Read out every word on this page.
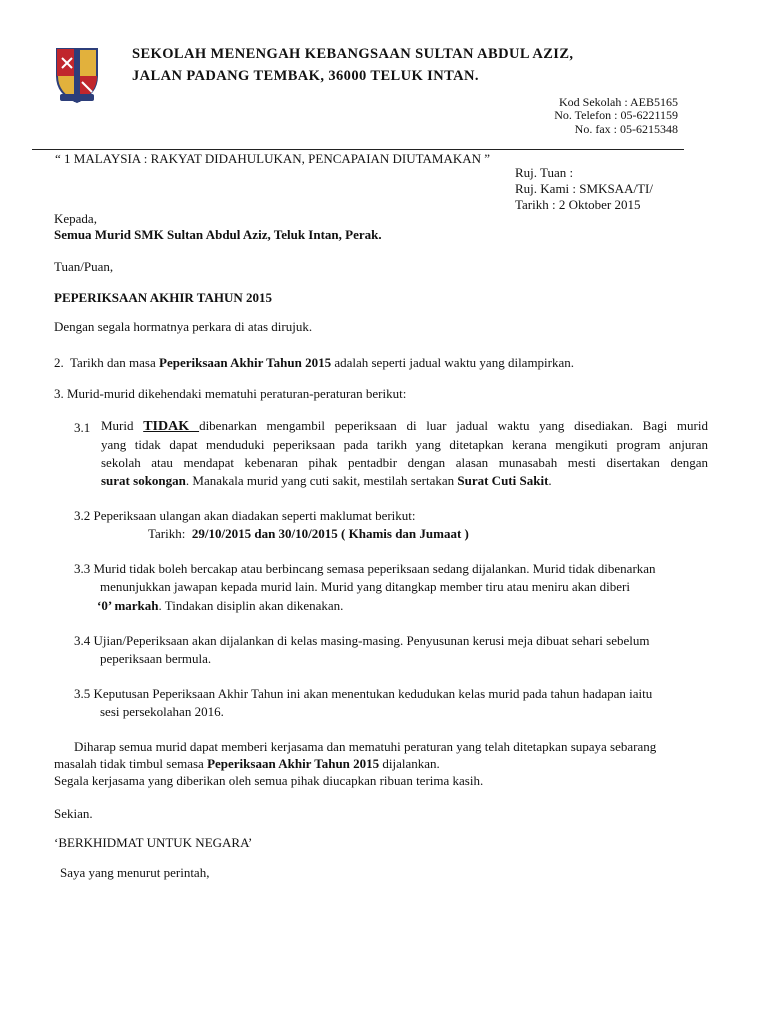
SEKOLAH MENENGAH KEBANGSAAN SULTAN ABDUL AZIZ,
JALAN PADANG TEMBAK, 36000 TELUK INTAN.
Kod Sekolah : AEB5165
No. Telefon : 05-6221159
No. fax : 05-6215348
“ 1 MALAYSIA : RAKYAT DIDAHULUKAN, PENCAPAIAN DIUTAMAKAN ”
Ruj. Tuan :
Ruj. Kami : SMKSAA/TI/
Tarikh : 2 Oktober 2015
Kepada,
Semua Murid SMK Sultan Abdul Aziz, Teluk Intan, Perak.
Tuan/Puan,
PEPERIKSAAN AKHIR TAHUN 2015
Dengan segala hormatnya perkara di atas dirujuk.
2. Tarikh dan masa Peperiksaan Akhir Tahun 2015 adalah seperti jadual waktu yang dilampirkan.
3. Murid-murid dikehendaki mematuhi peraturan-peraturan berikut:
3.1 Murid TIDAK dibenarkan mengambil peperiksaan di luar jadual waktu yang disediakan. Bagi murid
yang tidak dapat menduduki peperiksaan pada tarikh yang ditetapkan kerana mengikuti program anjuran
sekolah atau mendapat kebenaran pihak pentadbir dengan alasan munasabah mesti disertakan dengan
surat sokongan. Manakala murid yang cuti sakit, mestilah sertakan Surat Cuti Sakit.
3.2 Peperiksaan ulangan akan diadakan seperti maklumat berikut:
Tarikh: 29/10/2015 dan 30/10/2015 ( Khamis dan Jumaat )
3.3 Murid tidak boleh bercakap atau berbincang semasa peperiksaan sedang dijalankan. Murid tidak dibenarkan
menunjukkan jawapan kepada murid lain. Murid yang ditangkap member tiru atau meniru akan diberi
‘0’ markah. Tindakan disiplin akan dikenakan.
3.4 Ujian/Peperiksaan akan dijalankan di kelas masing-masing. Penyusunan kerusi meja dibuat sehari sebelum
peperiksaan bermula.
3.5 Keputusan Peperiksaan Akhir Tahun ini akan menentukan kedudukan kelas murid pada tahun hadapan iaitu
sesi persekolahan 2016.
Diharap semua murid dapat memberi kerjasama dan mematuhi peraturan yang telah ditetapkan supaya sebarang
masalah tidak timbul semasa Peperiksaan Akhir Tahun 2015 dijalankan.
Segala kerjasama yang diberikan oleh semua pihak diucapkan ribuan terima kasih.
Sekian.
‘BERKHIDMAT UNTUK NEGARA’
Saya yang menurut perintah,
